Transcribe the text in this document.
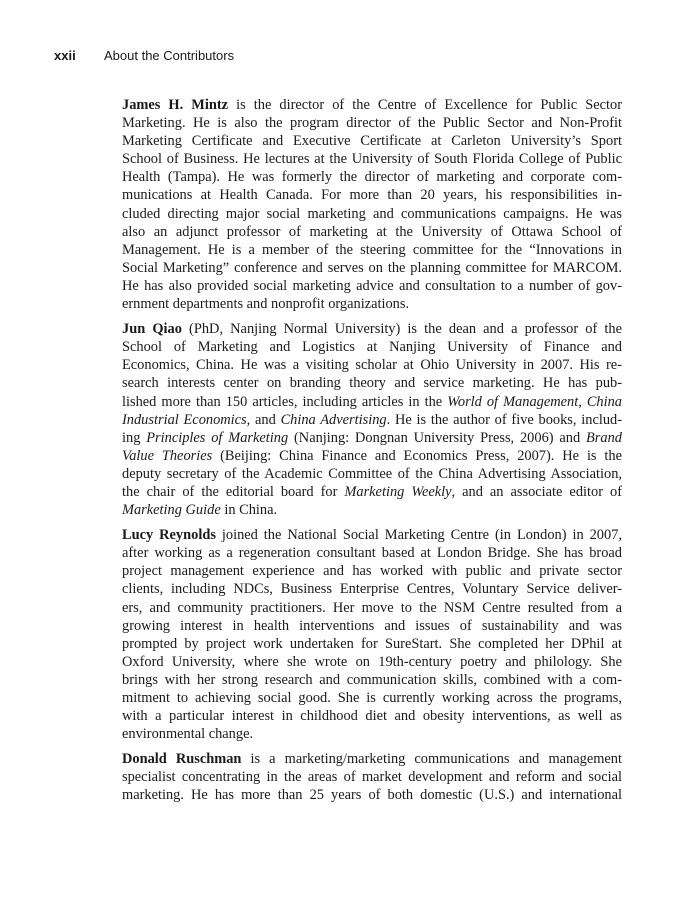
xxii About the Contributors

James H. Mintz is the director of the Centre of Excellence for Public Sector
Marketing. He is also the program director of the Public Sector and Non-Profit
Marketing Certificate and Executive Certificate at Carleton University’s Sport
School of Business. He lectures at the University of South Florida College of Public
Health (Tampa). He was formerly the director of marketing and corporate com-
munications at Health Canada. For more than 20 years, his responsibilities in-
cluded directing major social marketing and communications campaigns. He was
also an adjunct professor of marketing at the University of Ottawa School of
Management. He is a member of the steering committee for the “Innovations in
Social Marketing” conference and serves on the planning committee for MARCOM.
He has also provided social marketing advice and consultation to a number of gov-
ernment departments and nonprofit organizations.

Jun Qiao (PhD, Nanjing Normal University) is the dean and a professor of the
School of Marketing and Logistics at Nanjing University of Finance and
Economics, China. He was a visiting scholar at Ohio University in 2007. His re-
search interests center on branding theory and service marketing. He has pub-
lished more than 150 articles, including articles in the World of Management, China
Industrial Economics, and China Advertising. He is the author of five books, includ-
ing Principles of Marketing (Nanjing: Dongnan University Press, 2006) and Brand
Value Theories (Beijing: China Finance and Economics Press, 2007). He is the
deputy secretary of the Academic Committee of the China Advertising Association,
the chair of the editorial board for Marketing Weekly, and an associate editor of
Marketing Guide in China.

Lucy Reynolds joined the National Social Marketing Centre (in London) in 2007,
after working as a regeneration consultant based at London Bridge. She has broad
project management experience and has worked with public and private sector
clients, including NDCs, Business Enterprise Centres, Voluntary Service deliver-
ers, and community practitioners. Her move to the NSM Centre resulted from a
growing interest in health interventions and issues of sustainability and was
prompted by project work undertaken for SureStart. She completed her DPhil at
Oxford University, where she wrote on 19th-century poetry and philology. She
brings with her strong research and communication skills, combined with a com-
mitment to achieving social good. She is currently working across the programs,
with a particular interest in childhood diet and obesity interventions, as well as
environmental change.

Donald Ruschman is a marketing/marketing communications and management
specialist concentrating in the areas of market development and reform and social
marketing. He has more than 25 years of both domestic (U.S.) and international
